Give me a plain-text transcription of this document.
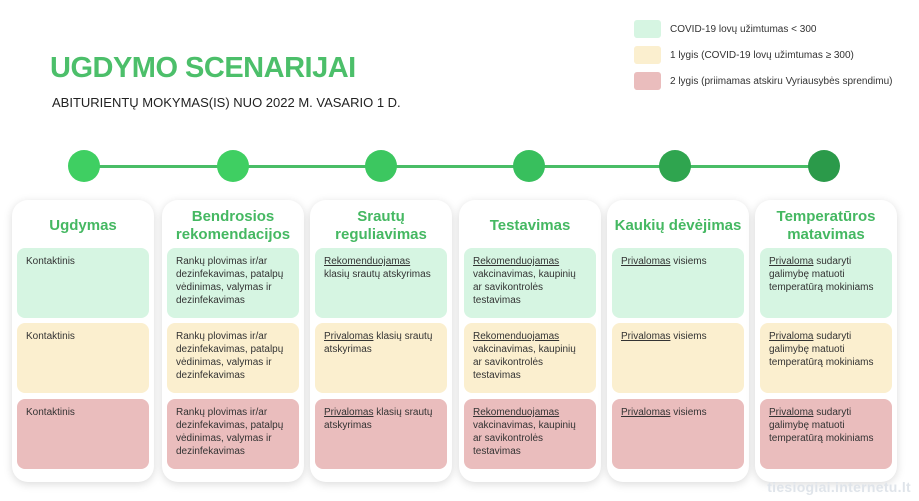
COVID-19 lovų užimtumas < 300
1 lygis (COVID-19 lovų užimtumas ≥ 300)
2 lygis (priimamas atskiru Vyriausybės sprendimu)
UGDYMO SCENARIJAI
ABITURIENTŲ MOKYMAS(IS) NUO 2022 M. VASARIO 1 D.
Ugdymas
Kontaktinis
Kontaktinis
Kontaktinis
Bendrosios rekomendacijos
Rankų plovimas ir/ar dezinfekavimas, patalpų vėdinimas, valymas ir dezinfekavimas
Rankų plovimas ir/ar dezinfekavimas, patalpų vėdinimas, valymas ir dezinfekavimas
Rankų plovimas ir/ar dezinfekavimas, patalpų vėdinimas, valymas ir dezinfekavimas
Srautų reguliavimas
Rekomenduojamas klasių srautų atskyrimas
Privalomas klasių srautų atskyrimas
Privalomas klasių srautų atskyrimas
Testavimas
Rekomenduojamas vakcinavimas, kaupinių ar savikontrolės testavimas
Rekomenduojamas vakcinavimas, kaupinių ar savikontrolės testavimas
Rekomenduojamas vakcinavimas, kaupinių ar savikontrolės testavimas
Kaukių dėvėjimas
Privalomas visiems
Privalomas visiems
Privalomas visiems
Temperatūros matavimas
Privaloma sudaryti galimybę matuoti temperatūrą mokiniams
Privaloma sudaryti galimybę matuoti temperatūrą mokiniams
Privaloma sudaryti galimybę matuoti temperatūrą mokiniams
tiesiogiai.internetu.lt
